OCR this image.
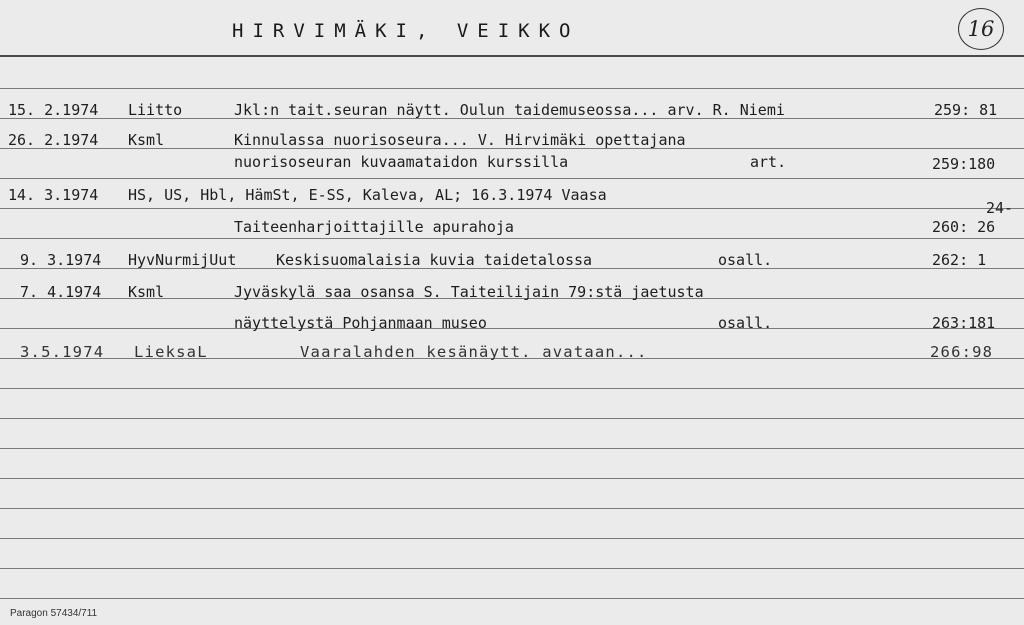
HIRVIMÄKI, VEIKKO	16
15. 2.1974 Liitto	Jkl:n tait.seuran näytt. Oulun taidemuseossa... arv. R. Niemi	259: 81
26. 2.1974 Ksml	Kinnulassa nuorisoseura... V. Hirvimäki opettajana
nuorisoseuran kuvaamataidon kurssilla	art.	259:180
14. 3.1974 HS, US, Hbl, HämSt, E-SS, Kaleva, AL; 16.3.1974 Vaasa
24-
Taiteenharjoittajille apurahoja	260: 26
9. 3.1974 HyvNurmijUut	Keskisuomalaisia kuvia taidetalossa	osall.	262: 1
7. 4.1974 Ksml	Jyväskylä saa osansa S. Taiteilijain 79:stä jaetusta
näyttelystä Pohjanmaan museo	osall.	263:181
3.5.1974 LieksaL	Vaaralahden kesänäytt. avataan...	266:98
Paragon 57434/711
